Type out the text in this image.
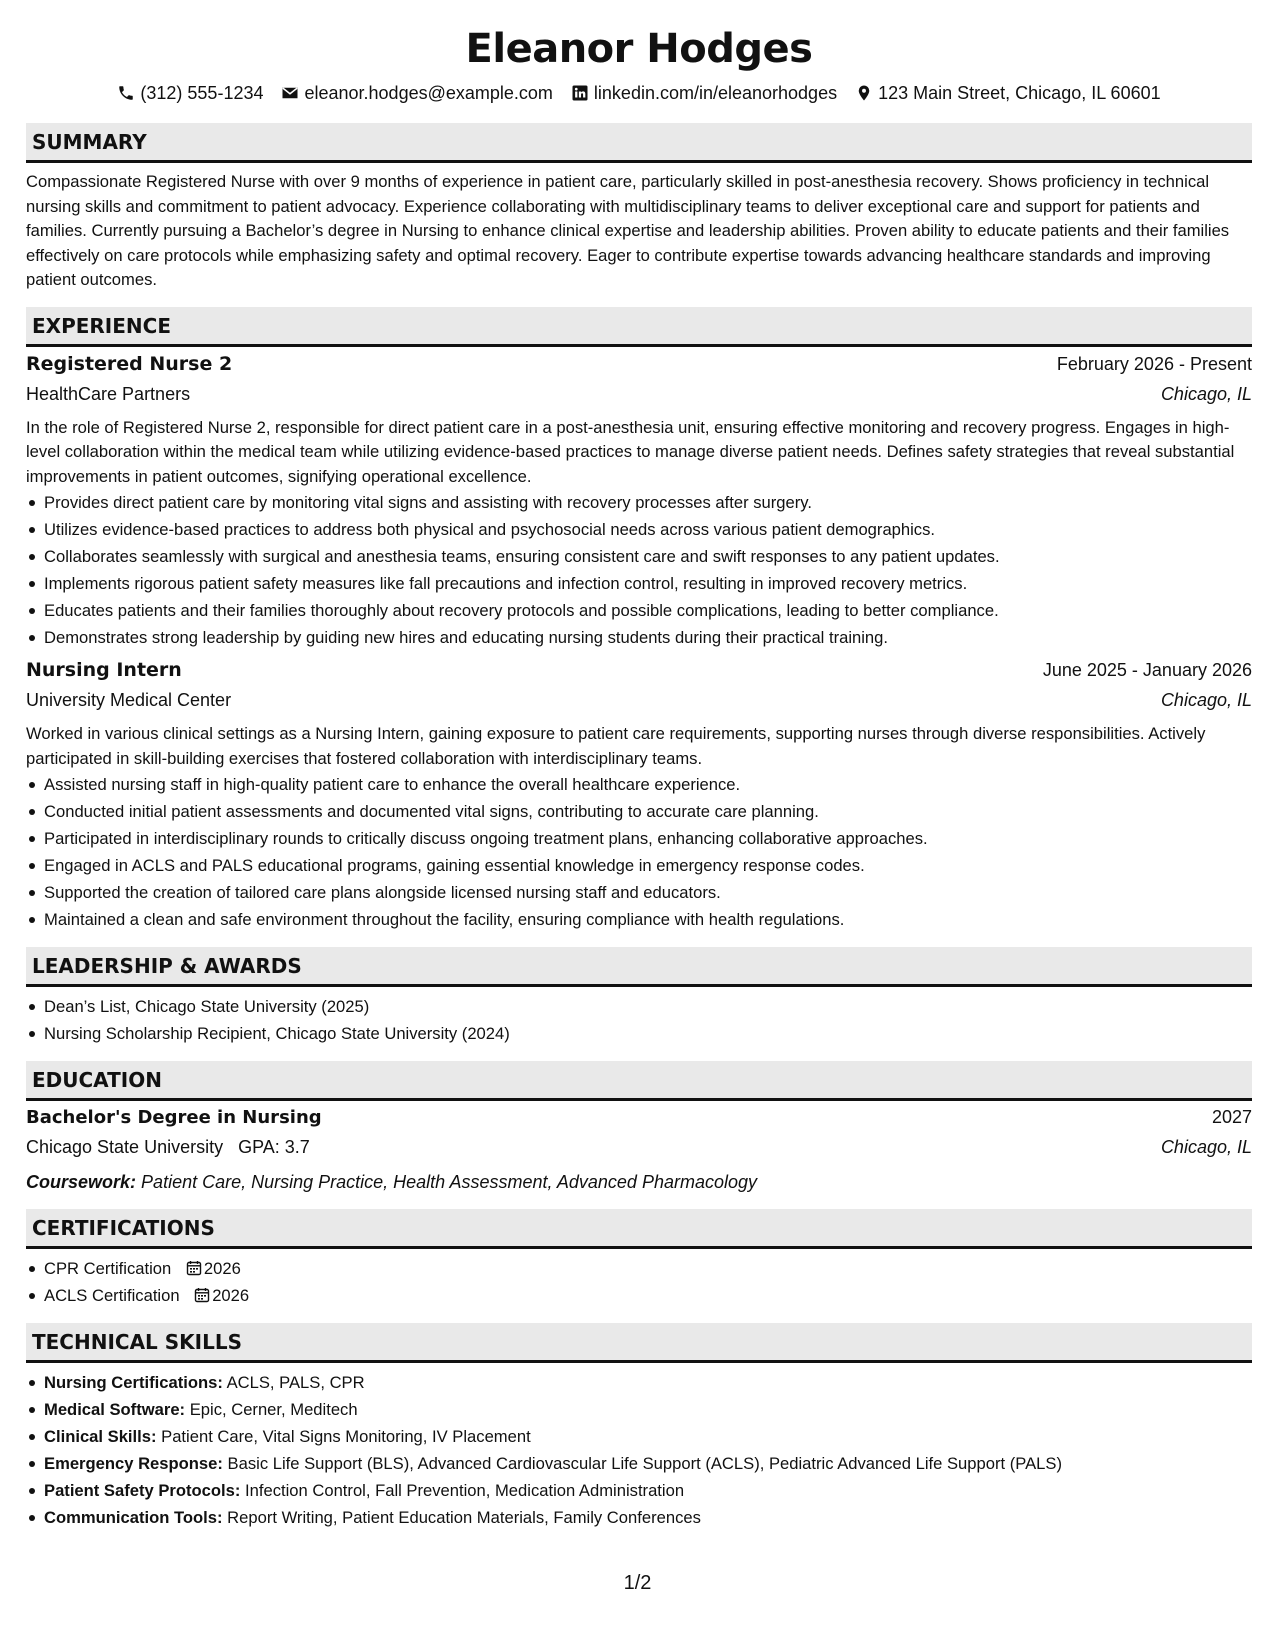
Eleanor Hodges
(312) 555-1234 eleanor.hodges@example.com linkedin.com/in/eleanorhodges 123 Main Street, Chicago, IL 60601
SUMMARY

Compassionate Registered Nurse with over 9 months of experience in patient care, particularly skilled in post-anesthesia recovery. Shows proficiency in technical nursing skills and commitment to patient advocacy. Experience collaborating with multidisciplinary teams to deliver exceptional care and support for patients and families. Currently pursuing a Bachelor’s degree in Nursing to enhance clinical expertise and leadership abilities. Proven ability to educate patients and their families effectively on care protocols while emphasizing safety and optimal recovery. Eager to contribute expertise towards advancing healthcare standards and improving patient outcomes.

EXPERIENCE
Registered Nurse 2	February 2026 - Present
HealthCare Partners	Chicago, IL

In the role of Registered Nurse 2, responsible for direct patient care in a post-anesthesia unit, ensuring effective monitoring and recovery progress. Engages in high-level collaboration within the medical team while utilizing evidence-based practices to manage diverse patient needs. Defines safety strategies that reveal substantial improvements in patient outcomes, signifying operational excellence.

Provides direct patient care by monitoring vital signs and assisting with recovery processes after surgery.
Utilizes evidence-based practices to address both physical and psychosocial needs across various patient demographics.
Collaborates seamlessly with surgical and anesthesia teams, ensuring consistent care and swift responses to any patient updates.
Implements rigorous patient safety measures like fall precautions and infection control, resulting in improved recovery metrics.
Educates patients and their families thoroughly about recovery protocols and possible complications, leading to better compliance.
Demonstrates strong leadership by guiding new hires and educating nursing students during their practical training.
Nursing Intern	June 2025 - January 2026
University Medical Center	Chicago, IL

Worked in various clinical settings as a Nursing Intern, gaining exposure to patient care requirements, supporting nurses through diverse responsibilities. Actively participated in skill-building exercises that fostered collaboration with interdisciplinary teams.

Assisted nursing staff in high-quality patient care to enhance the overall healthcare experience.
Conducted initial patient assessments and documented vital signs, contributing to accurate care planning.
Participated in interdisciplinary rounds to critically discuss ongoing treatment plans, enhancing collaborative approaches.
Engaged in ACLS and PALS educational programs, gaining essential knowledge in emergency response codes.
Supported the creation of tailored care plans alongside licensed nursing staff and educators.
Maintained a clean and safe environment throughout the facility, ensuring compliance with health regulations.
LEADERSHIP & AWARDS
Dean’s List, Chicago State University (2025)
Nursing Scholarship Recipient, Chicago State University (2024)
EDUCATION
Bachelor's Degree in Nursing	2027
Chicago State University GPA: 3.7	Chicago, IL
Coursework: Patient Care, Nursing Practice, Health Assessment, Advanced Pharmacology
CERTIFICATIONS
CPR Certification 2026
ACLS Certification 2026
TECHNICAL SKILLS
Nursing Certifications: ACLS, PALS, CPR
Medical Software: Epic, Cerner, Meditech
Clinical Skills: Patient Care, Vital Signs Monitoring, IV Placement
Emergency Response: Basic Life Support (BLS), Advanced Cardiovascular Life Support (ACLS), Pediatric Advanced Life Support (PALS)
Patient Safety Protocols: Infection Control, Fall Prevention, Medication Administration
Communication Tools: Report Writing, Patient Education Materials, Family Conferences
1/2
